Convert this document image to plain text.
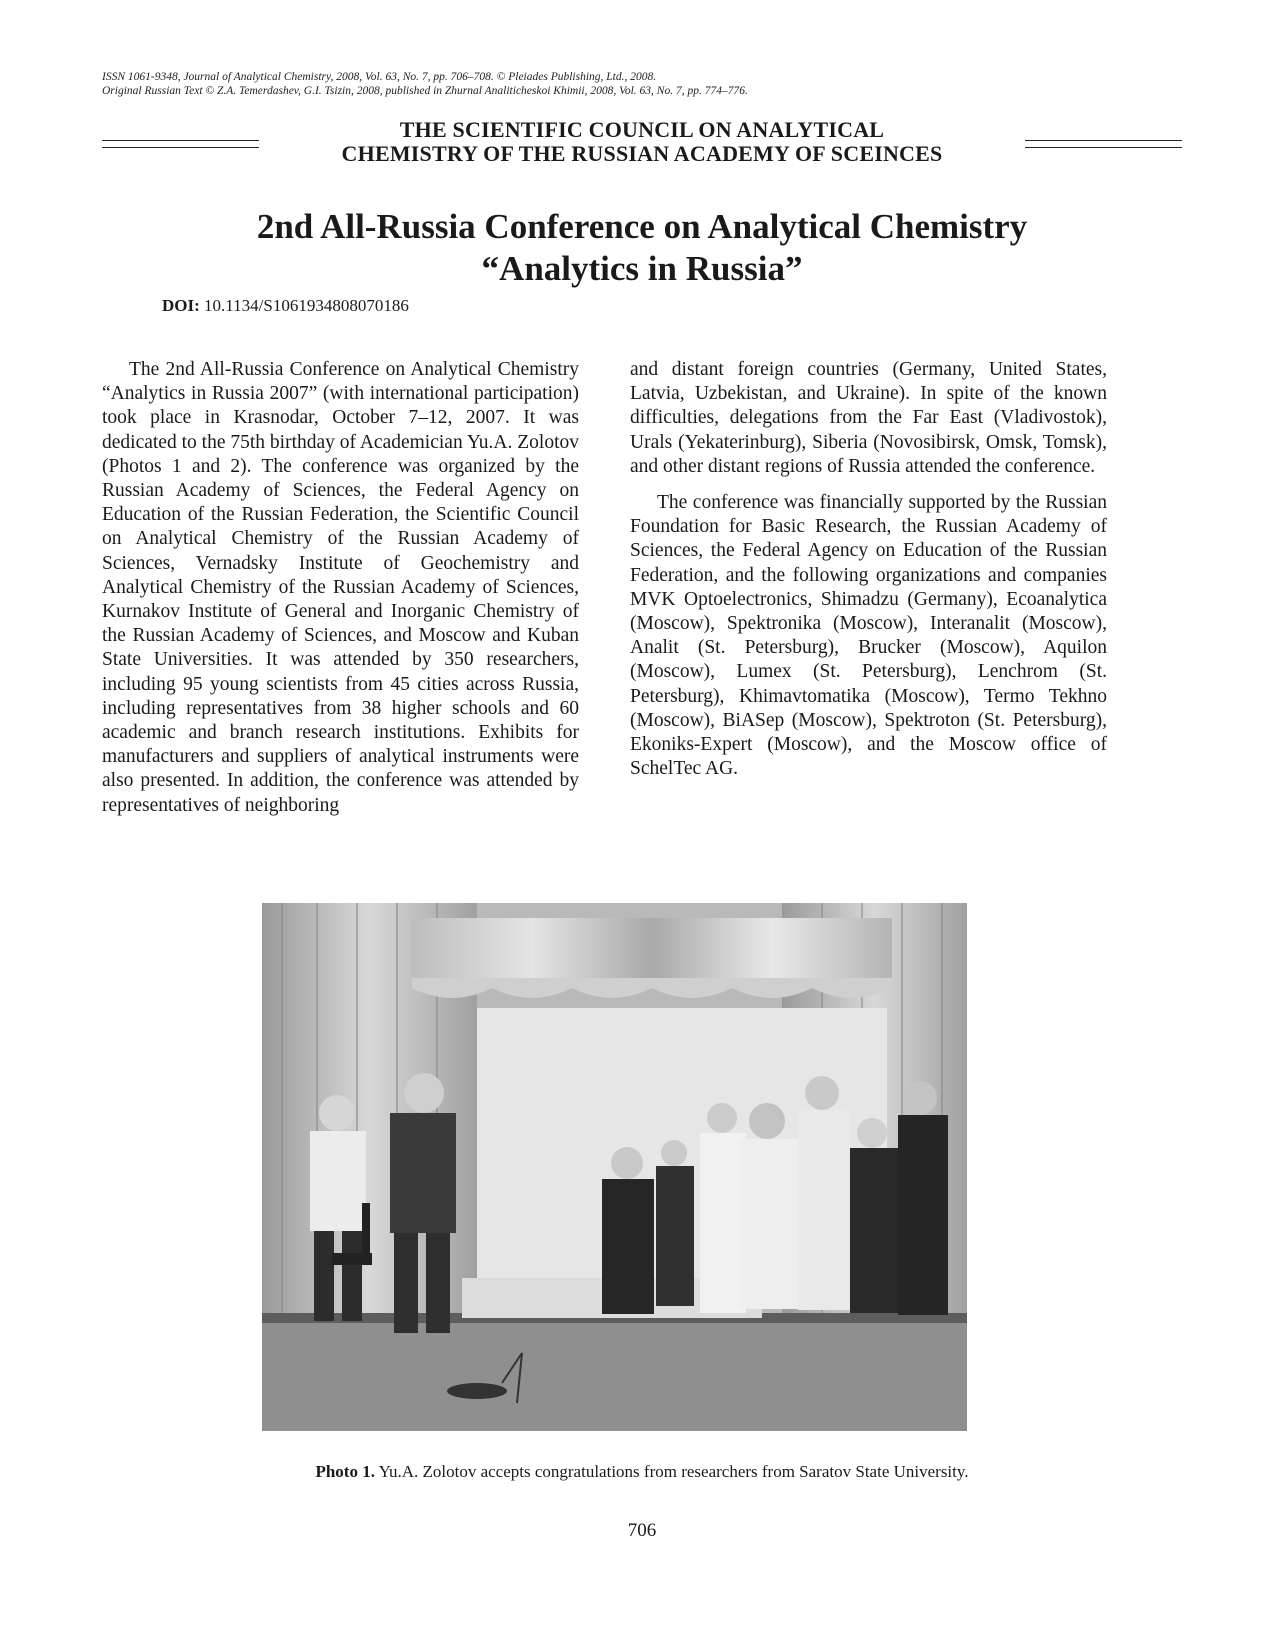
ISSN 1061-9348, Journal of Analytical Chemistry, 2008, Vol. 63, No. 7, pp. 706–708. © Pleiades Publishing, Ltd., 2008.
Original Russian Text © Z.A. Temerdashev, G.I. Tsizin, 2008, published in Zhurnal Analiticheskoi Khimii, 2008, Vol. 63, No. 7, pp. 774–776.
THE SCIENTIFIC COUNCIL ON ANALYTICAL
CHEMISTRY OF THE RUSSIAN ACADEMY OF SCEINCES
2nd All-Russia Conference on Analytical Chemistry
“Analytics in Russia”
DOI: 10.1134/S1061934808070186

The 2nd All-Russia Conference on Analytical Chemistry “Analytics in Russia 2007” (with international participation) took place in Krasnodar, October 7–12, 2007. It was dedicated to the 75th birthday of Academician Yu.A. Zolotov (Photos 1 and 2). The conference was organized by the Russian Academy of Sciences, the Federal Agency on Education of the Russian Federation, the Scientific Council on Analytical Chemistry of the Russian Academy of Sciences, Vernadsky Institute of Geochemistry and Analytical Chemistry of the Russian Academy of Sciences, Kurnakov Institute of General and Inorganic Chemistry of the Russian Academy of Sciences, and Moscow and Kuban State Universities. It was attended by 350 researchers, including 95 young scientists from 45 cities across Russia, including representatives from 38 higher schools and 60 academic and branch research institutions. Exhibits for manufacturers and suppliers of analytical instruments were also presented. In addition, the conference was attended by representatives of neighboring

and distant foreign countries (Germany, United States, Latvia, Uzbekistan, and Ukraine). In spite of the known difficulties, delegations from the Far East (Vladivostok), Urals (Yekaterinburg), Siberia (Novosibirsk, Omsk, Tomsk), and other distant regions of Russia attended the conference.

The conference was financially supported by the Russian Foundation for Basic Research, the Russian Academy of Sciences, the Federal Agency on Education of the Russian Federation, and the following organizations and companies MVK Optoelectronics, Shimadzu (Germany), Ecoanalytica (Moscow), Spektronika (Moscow), Interanalit (Moscow), Analit (St. Petersburg), Brucker (Moscow), Aquilon (Moscow), Lumex (St. Petersburg), Lenchrom (St. Petersburg), Khimavtomatika (Moscow), Termo Tekhno (Moscow), BiASep (Moscow), Spektroton (St. Petersburg), Ekoniks-Expert (Moscow), and the Moscow office of SchelTec AG.

Photo 1. Yu.A. Zolotov accepts congratulations from researchers from Saratov State University.
706
